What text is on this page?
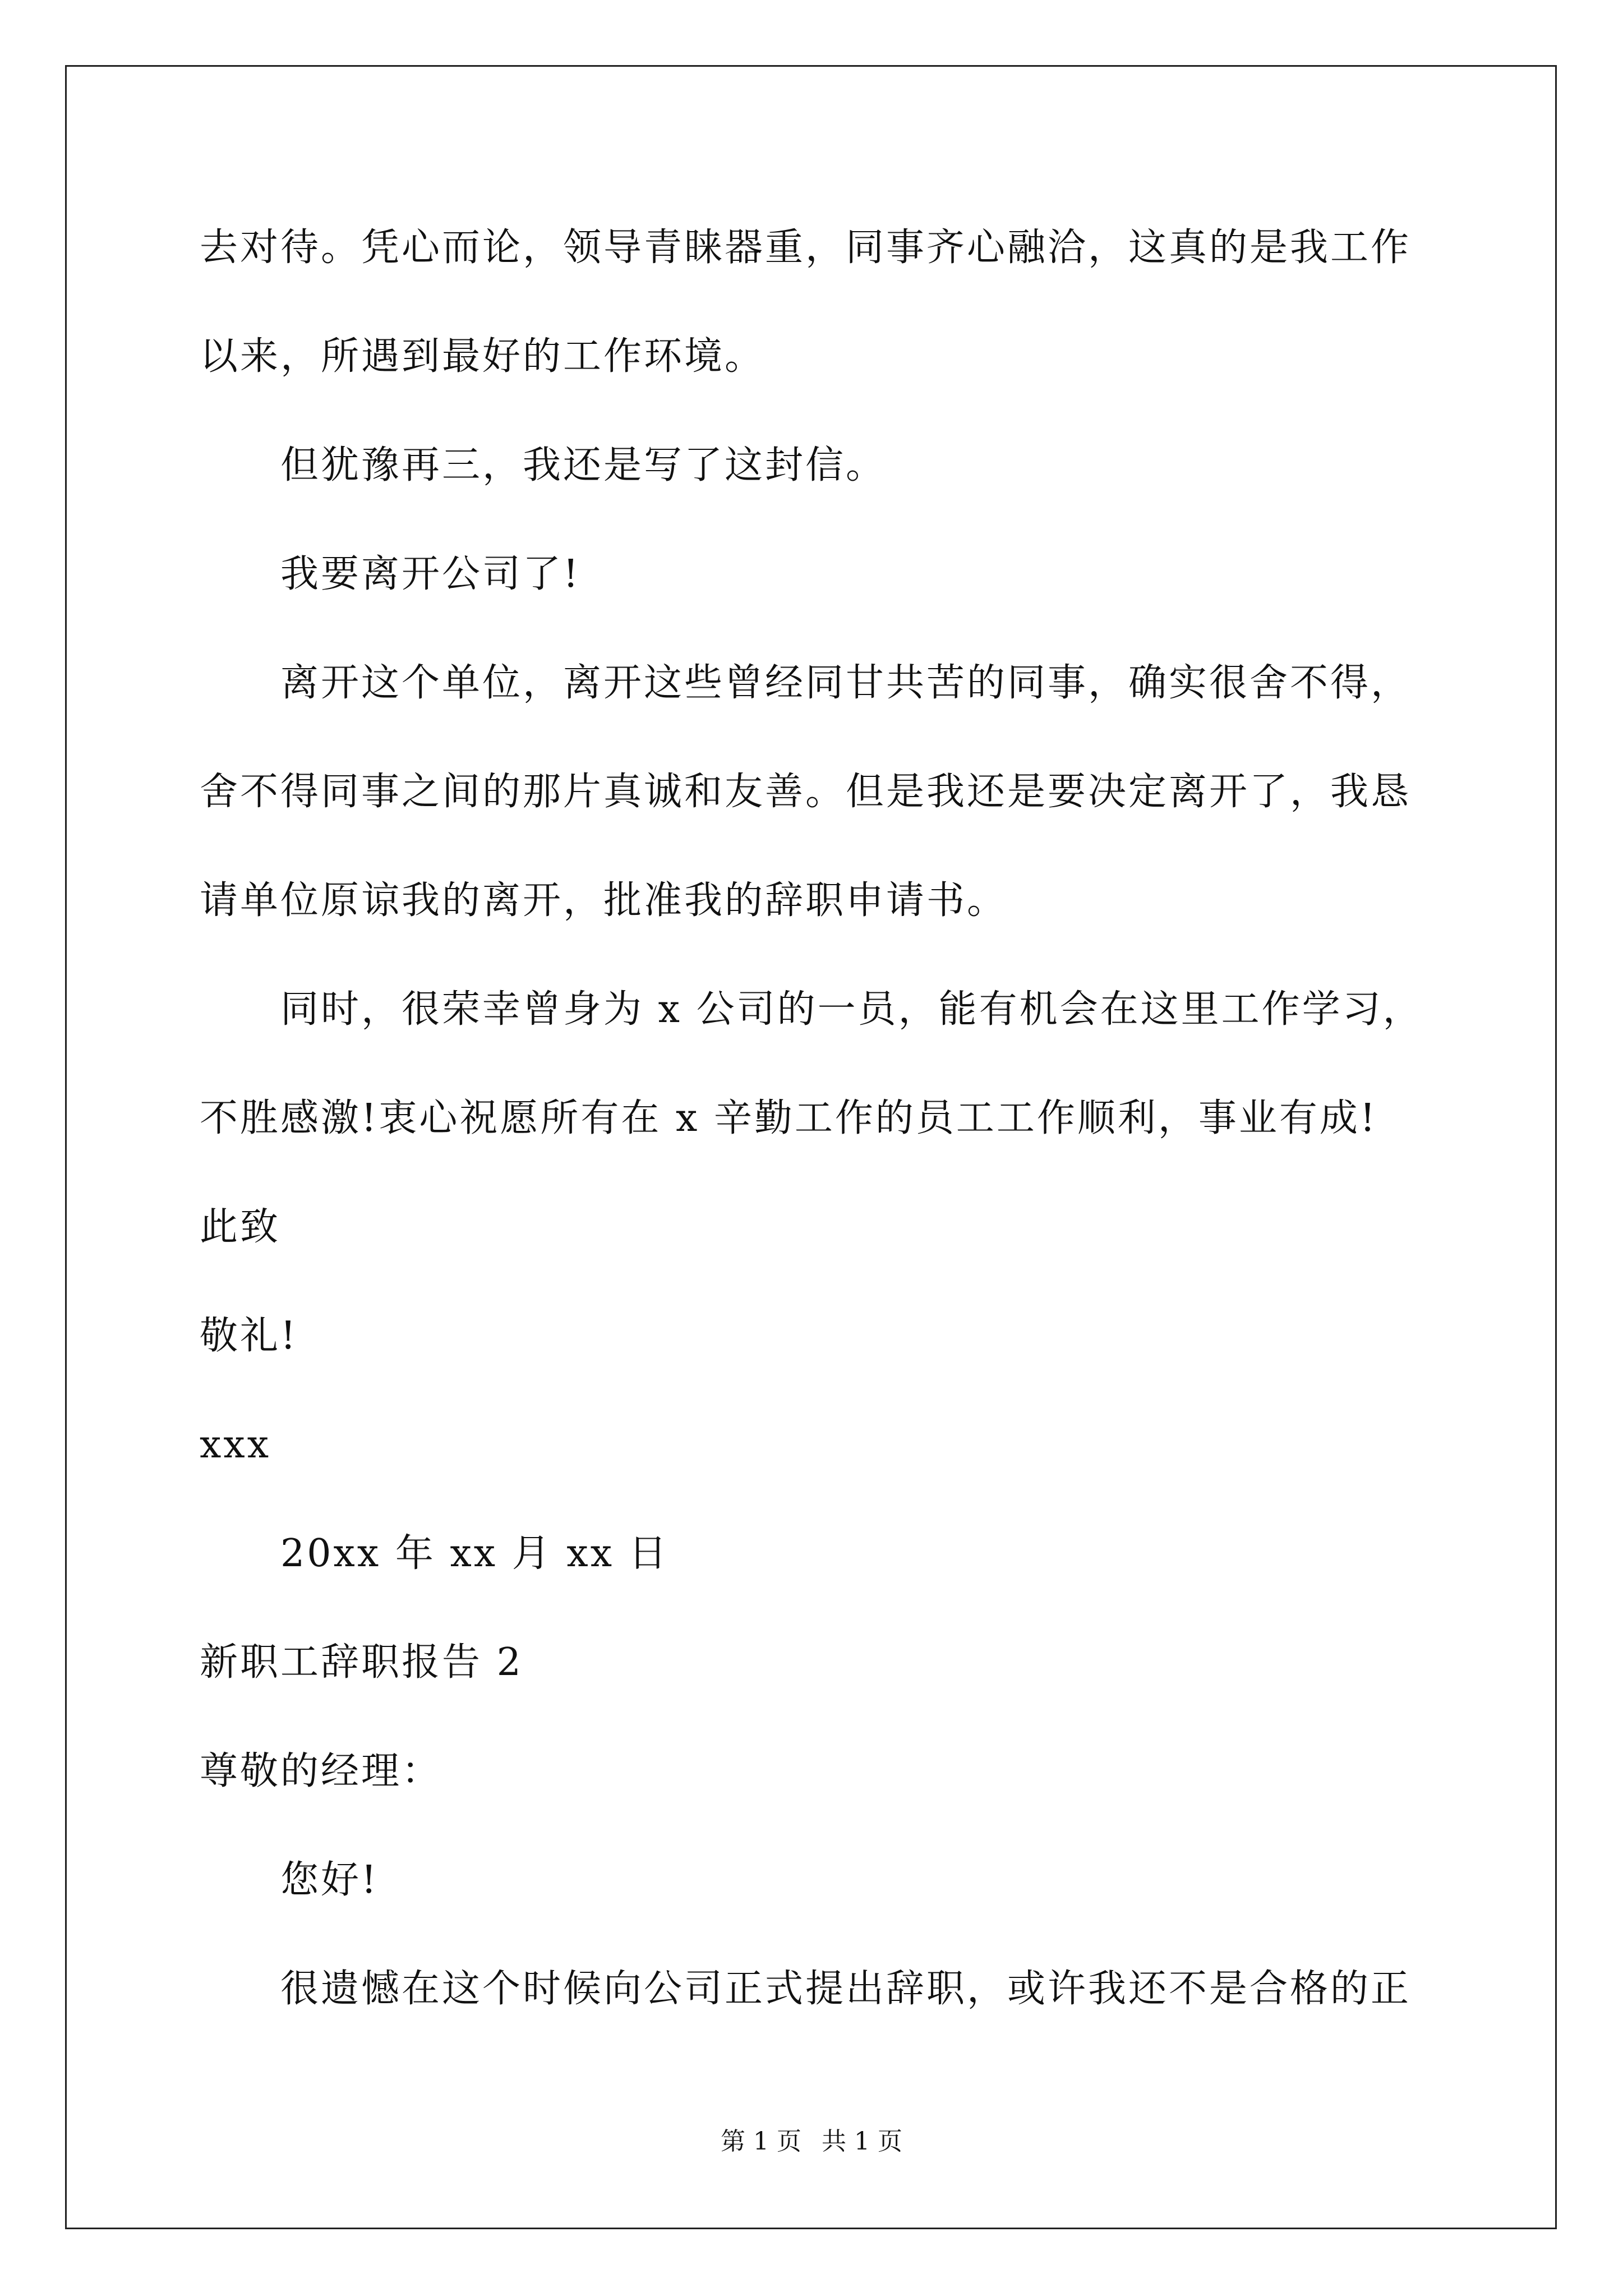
去对待。凭心而论，领导青睐器重，同事齐心融洽，这真的是我工作
以来，所遇到最好的工作环境。
但犹豫再三，我还是写了这封信。
我要离开公司了!
离开这个单位，离开这些曾经同甘共苦的同事，确实很舍不得，
舍不得同事之间的那片真诚和友善。但是我还是要决定离开了，我恳
请单位原谅我的离开，批准我的辞职申请书。
同时，很荣幸曾身为 x 公司的一员，能有机会在这里工作学习，
不胜感激!衷心祝愿所有在 x 辛勤工作的员工工作顺利，事业有成!
此致
敬礼!
xxx
20xx 年 xx 月 xx 日
新职工辞职报告 2
尊敬的经理：
您好!
很遗憾在这个时候向公司正式提出辞职，或许我还不是合格的正
第 1 页 共 1 页
